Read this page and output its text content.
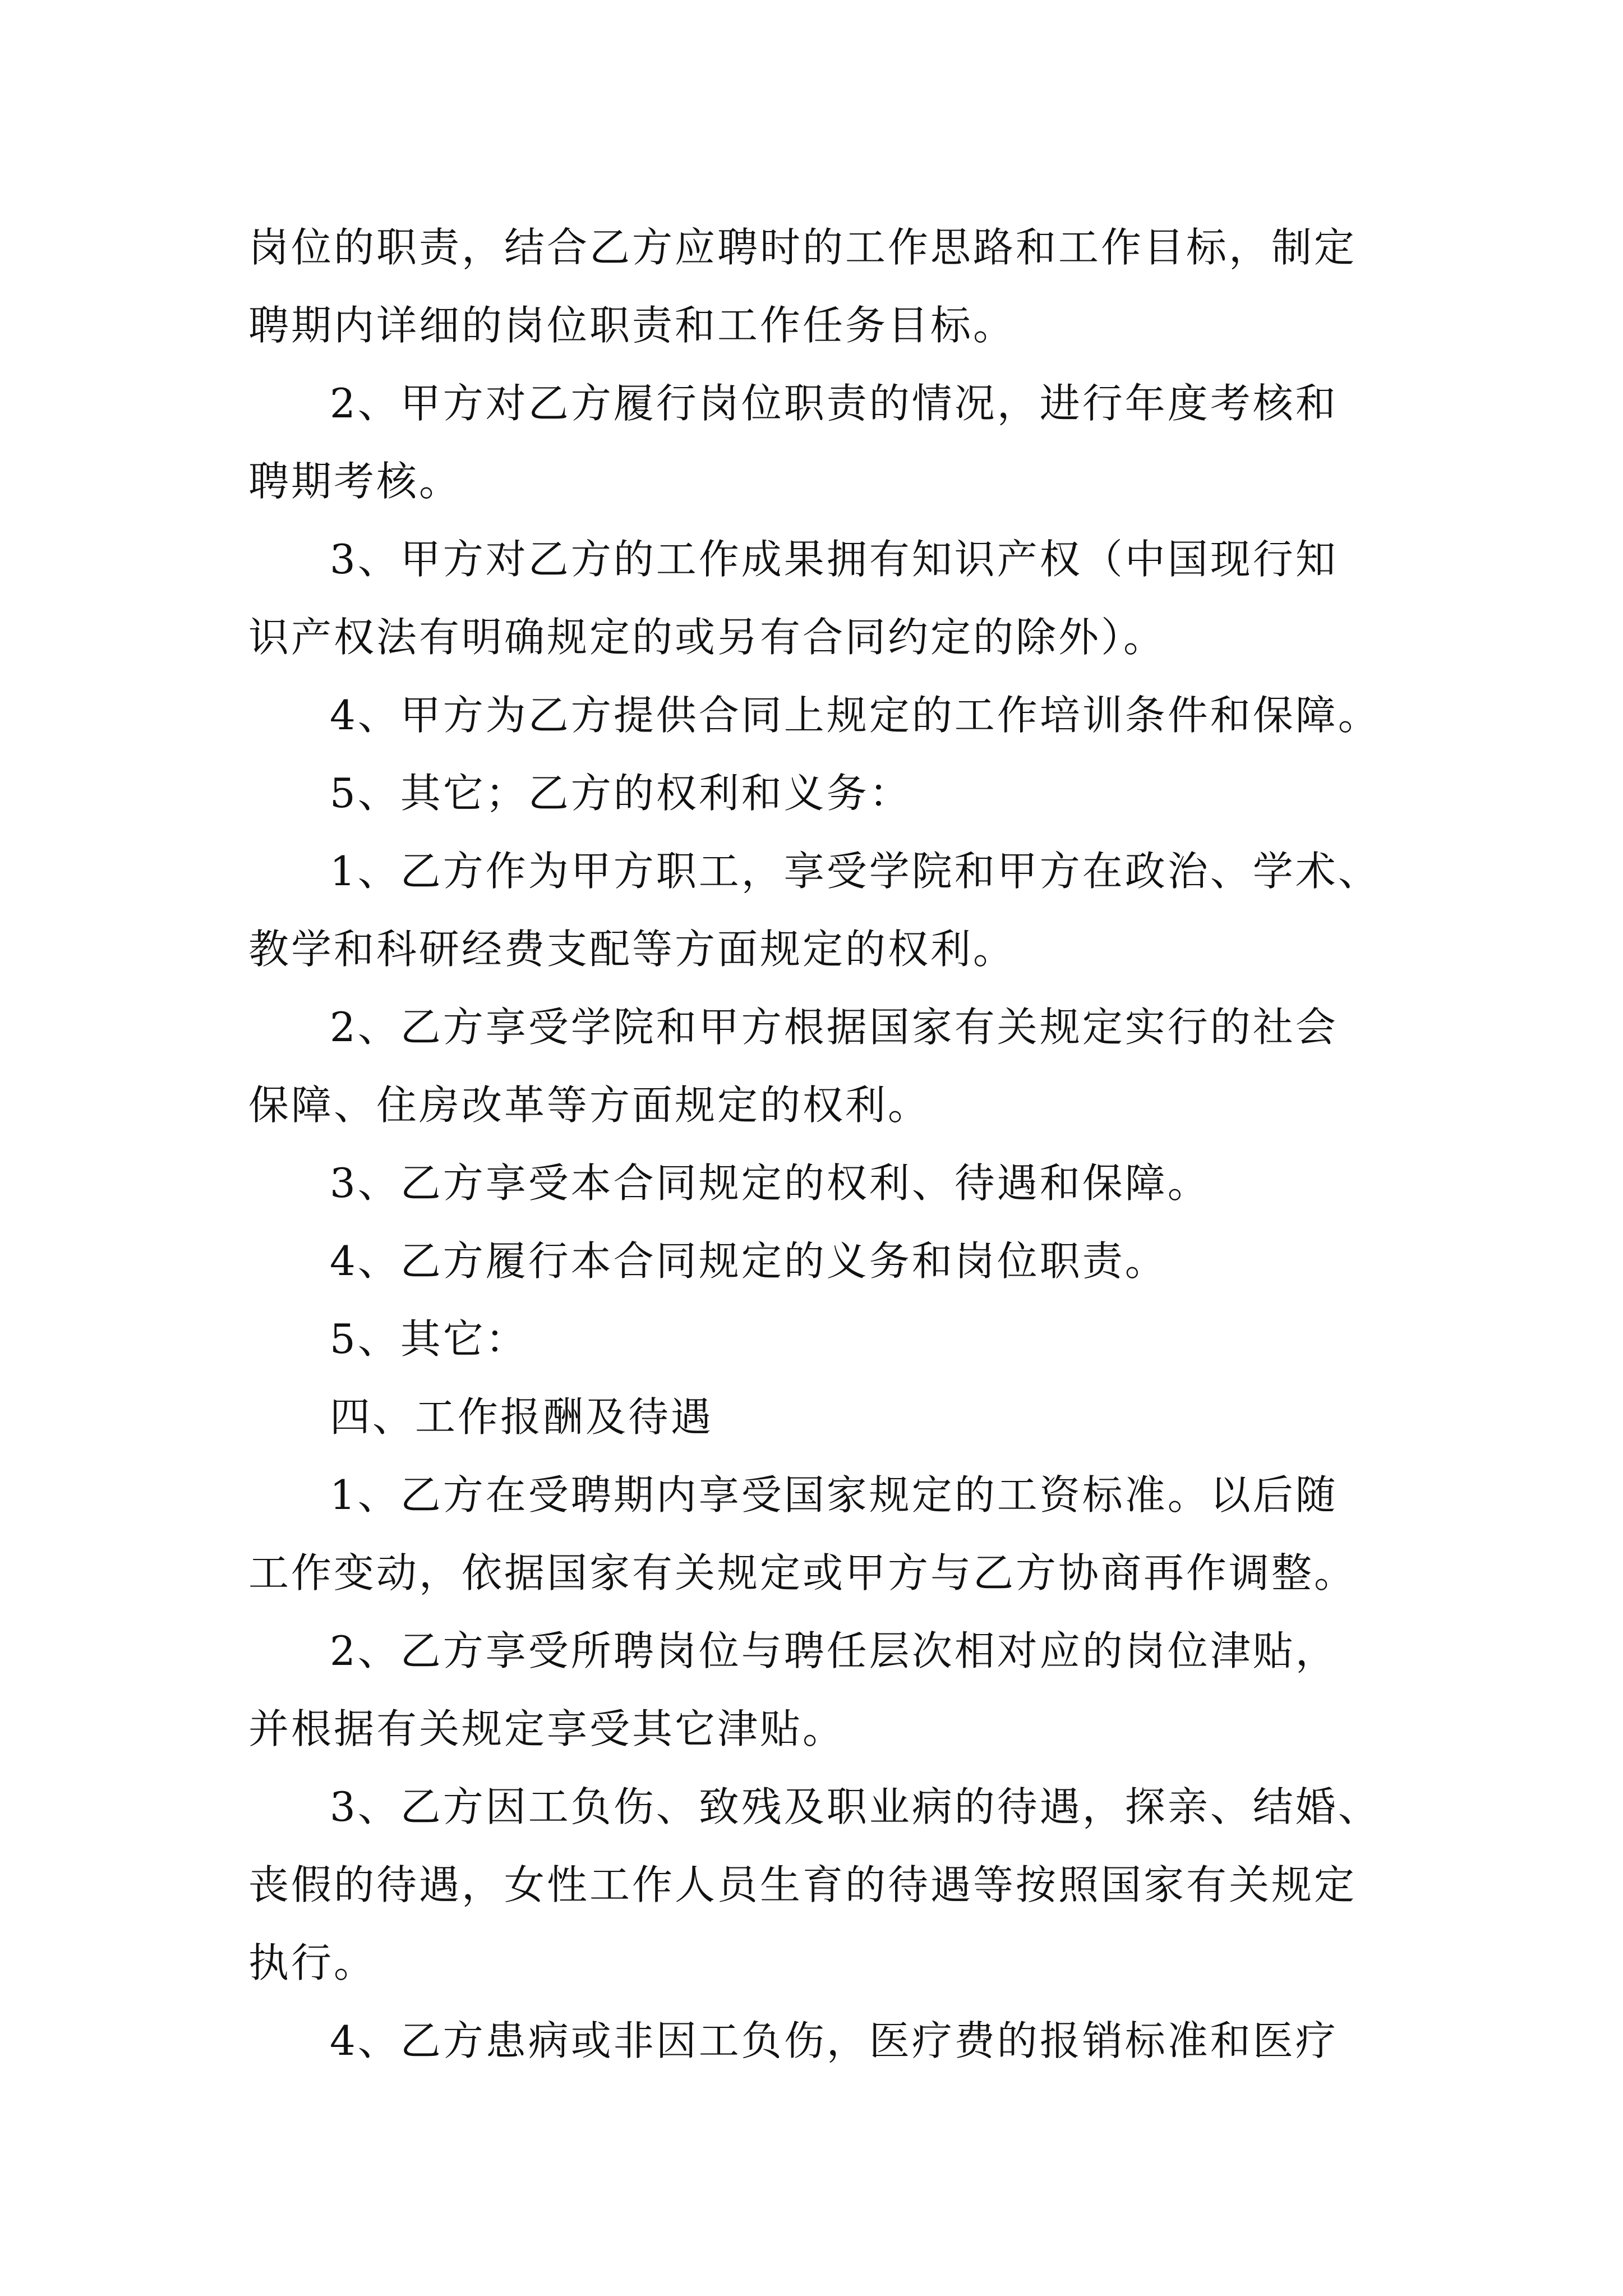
岗位的职责，结合乙方应聘时的工作思路和工作目标，制定
聘期内详细的岗位职责和工作任务目标。
2、甲方对乙方履行岗位职责的情况，进行年度考核和
聘期考核。
3、甲方对乙方的工作成果拥有知识产权（中国现行知
识产权法有明确规定的或另有合同约定的除外）。
4、甲方为乙方提供合同上规定的工作培训条件和保障。
5、其它；乙方的权利和义务：
1、乙方作为甲方职工，享受学院和甲方在政治、学术、
教学和科研经费支配等方面规定的权利。
2、乙方享受学院和甲方根据国家有关规定实行的社会
保障、住房改革等方面规定的权利。
3、乙方享受本合同规定的权利、待遇和保障。
4、乙方履行本合同规定的义务和岗位职责。
5、其它：
四、工作报酬及待遇
1、乙方在受聘期内享受国家规定的工资标准。以后随
工作变动，依据国家有关规定或甲方与乙方协商再作调整。
2、乙方享受所聘岗位与聘任层次相对应的岗位津贴，
并根据有关规定享受其它津贴。
3、乙方因工负伤、致残及职业病的待遇，探亲、结婚、
丧假的待遇，女性工作人员生育的待遇等按照国家有关规定
执行。
4、乙方患病或非因工负伤，医疗费的报销标准和医疗
